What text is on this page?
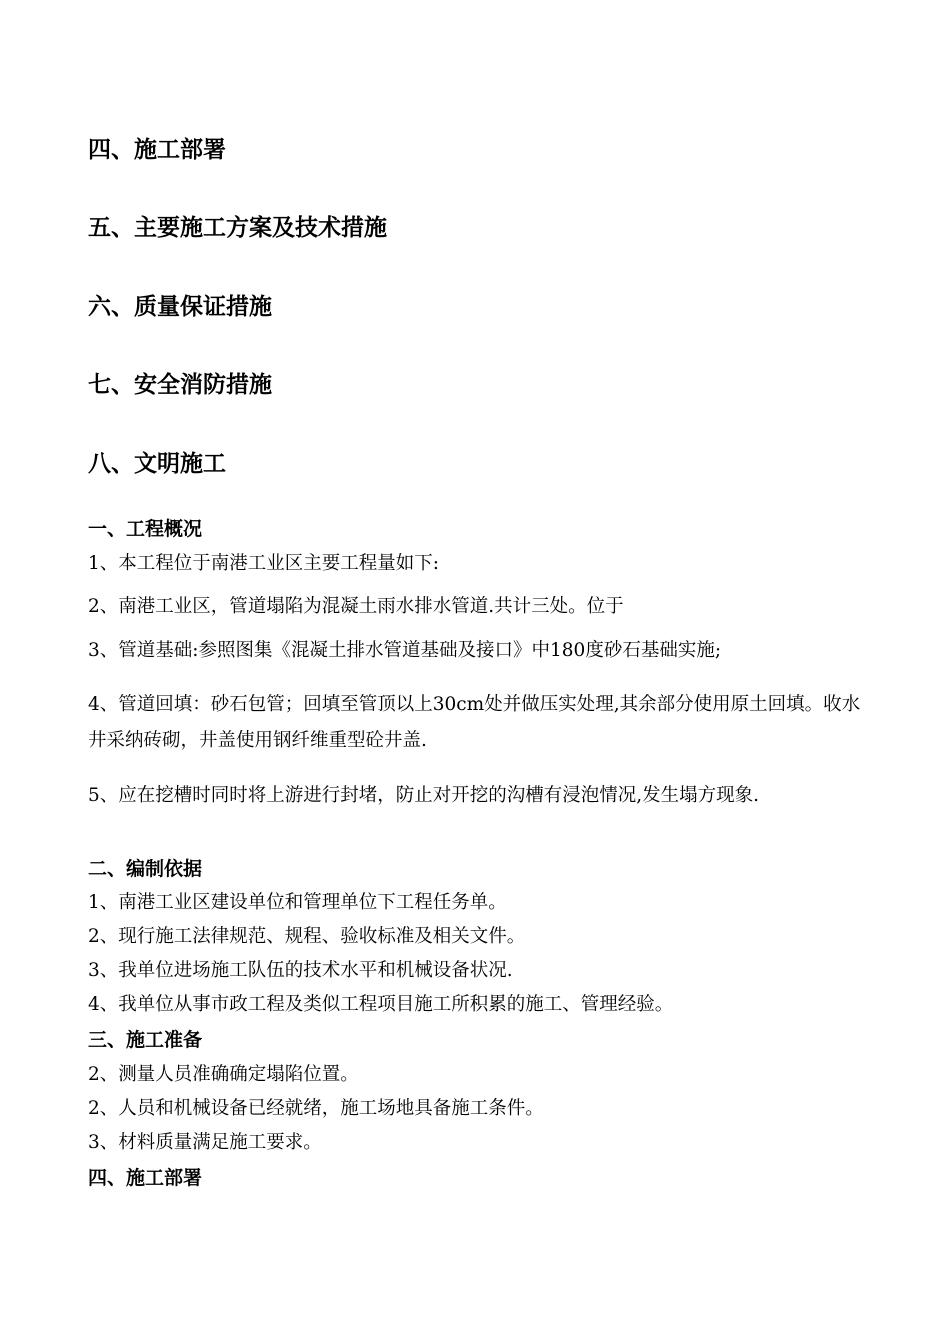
四、施工部署
五、主要施工方案及技术措施
六、质量保证措施
七、安全消防措施
八、文明施工
一、工程概况
1、本工程位于南港工业区主要工程量如下:
2、南港工业区，管道塌陷为混凝土雨水排水管道.共计三处。位于
3、管道基础:参照图集《混凝土排水管道基础及接口》中180度砂石基础实施;
4、管道回填：砂石包管；回填至管顶以上30cm处并做压实处理,其余部分使用原土回填。收水井采纳砖砌，井盖使用钢纤维重型砼井盖.
5、应在挖槽时同时将上游进行封堵，防止对开挖的沟槽有浸泡情况,发生塌方现象.
二、编制依据
1、南港工业区建设单位和管理单位下工程任务单。
2、现行施工法律规范、规程、验收标准及相关文件。
3、我单位进场施工队伍的技术水平和机械设备状况.
4、我单位从事市政工程及类似工程项目施工所积累的施工、管理经验。
三、施工准备
2、测量人员准确确定塌陷位置。
2、人员和机械设备已经就绪，施工场地具备施工条件。
3、材料质量满足施工要求。
四、施工部署
